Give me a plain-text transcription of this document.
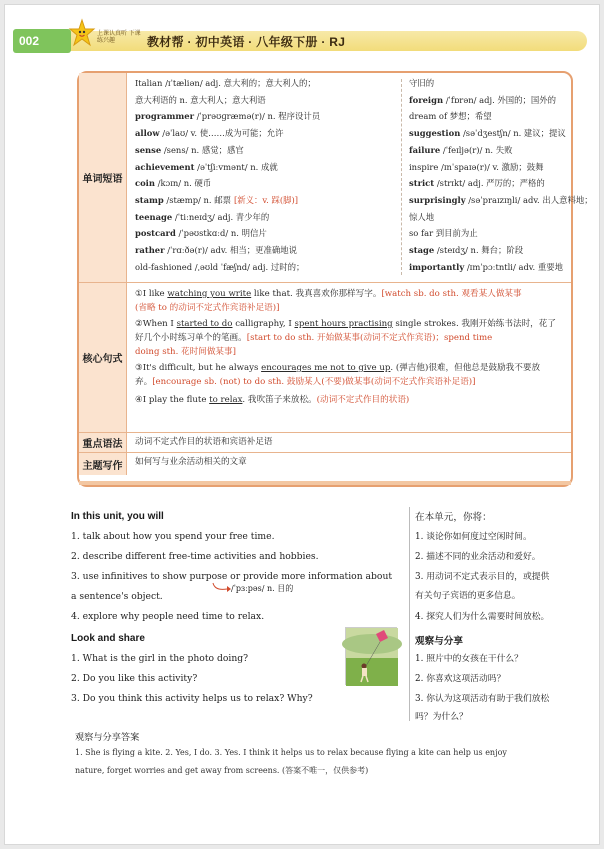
002	上课认真听 下课练兴趣	教材帮 · 初中英语 · 八年级下册 · RJ
单词短语
Italian /ɪˈtæliən/ adj. 意大利的；意大利人的；
意大利语的 n. 意大利人；意大利语
programmer /ˈprəʊɡræmə(r)/ n. 程序设计员
allow /əˈlaʊ/ v. 使……成为可能；允许
sense /sens/ n. 感觉；感官
achievement /əˈtʃiːvmənt/ n. 成就
coin /kɔɪn/ n. 硬币
stamp /stæmp/ n. 邮票 [新义：v. 踩(脚)]
teenage /ˈtiːneɪdʒ/ adj. 青少年的
postcard /ˈpəʊstkɑːd/ n. 明信片
rather /ˈrɑːðə(r)/ adv. 相当；更准确地说
old-fashioned /ˌəʊld ˈfæʃnd/ adj. 过时的；
守旧的
foreign /ˈfɒrən/ adj. 外国的；国外的
dream of 梦想；希望
suggestion /səˈdʒestʃn/ n. 建议；提议
failure /ˈfeɪljə(r)/ n. 失败
inspire /ɪnˈspaɪə(r)/ v. 激励；鼓舞
strict /strɪkt/ adj. 严厉的；严格的
surprisingly /səˈpraɪzɪŋli/ adv. 出人意料地；
惊人地
so far 到目前为止
stage /steɪdʒ/ n. 舞台；阶段
importantly /ɪmˈpɔːtntli/ adv. 重要地
核心句式
①I like watching you write like that. 我真喜欢你那样写字。[watch sb. do sth. 观看某人做某事
(省略 to 的动词不定式作宾语补足语)]
②When I started to do calligraphy, I spent hours practising single strokes. 我刚开始练书法时，花了
好几个小时练习单个的笔画。[start to do sth. 开始做某事(动词不定式作宾语)；spend time
doing sth. 花时间做某事]
③It's difficult, but he always encourages me not to give up. (弹吉他)很难，但他总是鼓励我不要放
弃。[encourage sb. (not) to do sth. 鼓励某人(不要)做某事(动词不定式作宾语补足语)]
④I play the flute to relax. 我吹笛子来放松。(动词不定式作目的状语)
重点语法	动词不定式作目的状语和宾语补足语
主题写作	如何写与业余活动相关的文章
In this unit, you will
1. talk about how you spend your free time.
2. describe different free-time activities and hobbies.
3. use infinitives to show purpose or provide more information about
/ˈpɜːpəs/ n. 目的
a sentence's object.
4. explore why people need time to relax.
Look and share
1. What is the girl in the photo doing?
2. Do you like this activity?
3. Do you think this activity helps us to relax? Why?
在本单元，你将：
1. 谈论你如何度过空闲时间。
2. 描述不同的业余活动和爱好。
3. 用动词不定式表示目的，或提供
有关句子宾语的更多信息。
4. 探究人们为什么需要时间放松。
观察与分享
1. 照片中的女孩在干什么？
2. 你喜欢这项活动吗？
3. 你认为这项活动有助于我们放松
吗？为什么？
观察与分享答案
1. She is flying a kite. 2. Yes, I do. 3. Yes. I think it helps us to relax because flying a kite can help us enjoy
nature, forget worries and get away from screens. (答案不唯一，仅供参考)
